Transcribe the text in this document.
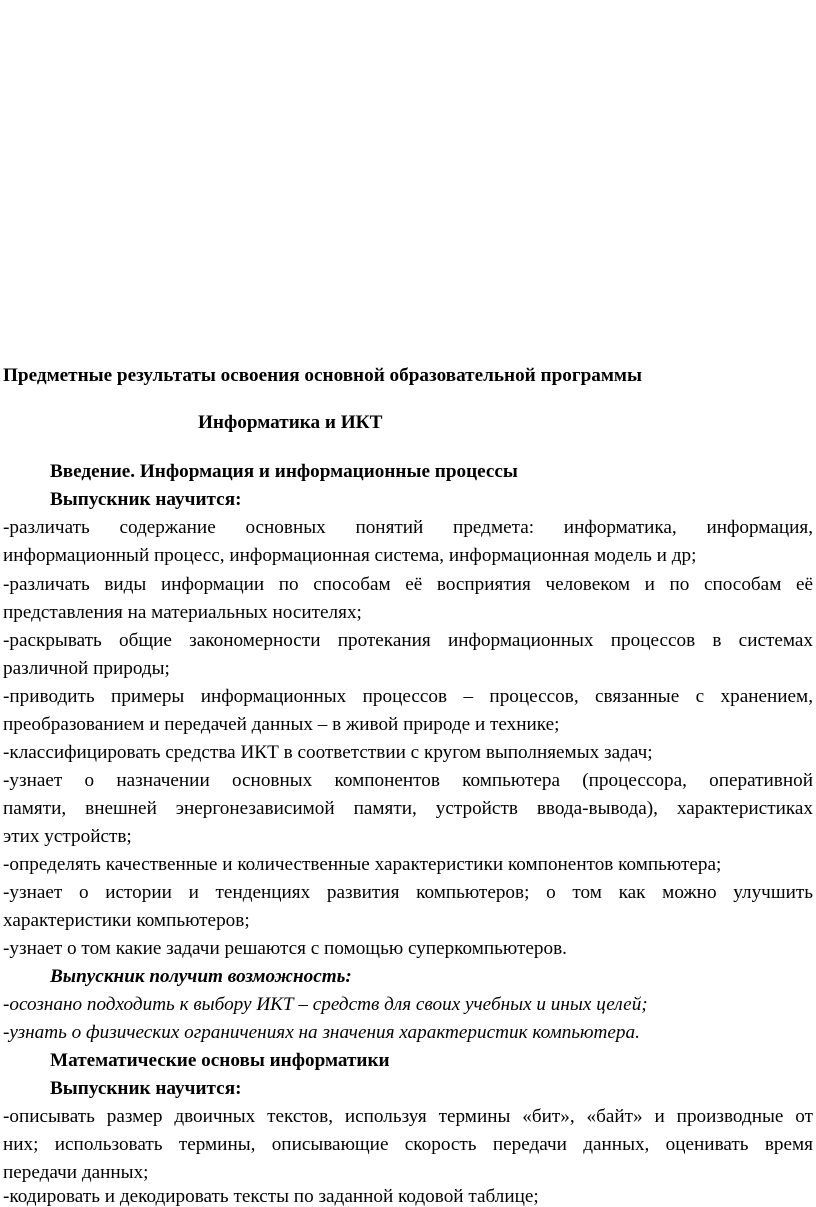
Предметные результаты освоения основной образовательной программы
Информатика и ИКТ
Введение. Информация и информационные процессы
Выпускник научится:
-различать содержание основных понятий предмета: информатика, информация,
информационный процесс, информационная система, информационная модель и др;
-различать виды информации по способам её восприятия человеком и по способам её
представления на материальных носителях;
-раскрывать общие закономерности протекания информационных процессов в системах
различной природы;
-приводить примеры информационных процессов – процессов, связанные с хранением,
преобразованием и передачей данных – в живой природе и технике;
-классифицировать средства ИКТ в соответствии с кругом выполняемых задач;
-узнает о назначении основных компонентов компьютера (процессора, оперативной
памяти, внешней энергонезависимой памяти, устройств ввода-вывода), характеристиках
этих устройств;
-определять качественные и количественные характеристики компонентов компьютера;
-узнает о истории и тенденциях развития компьютеров; о том как можно улучшить
характеристики компьютеров;
-узнает о том какие задачи решаются с помощью суперкомпьютеров.
Выпускник получит возможность:
-осознано подходить к выбору ИКТ – средств для своих учебных и иных целей;
-узнать о физических ограничениях на значения характеристик компьютера.
Математические основы информатики
Выпускник научится:
-описывать размер двоичных текстов, используя термины «бит», «байт» и производные от
них; использовать термины, описывающие скорость передачи данных, оценивать время
передачи данных;
-кодировать и декодировать тексты по заданной кодовой таблице;
